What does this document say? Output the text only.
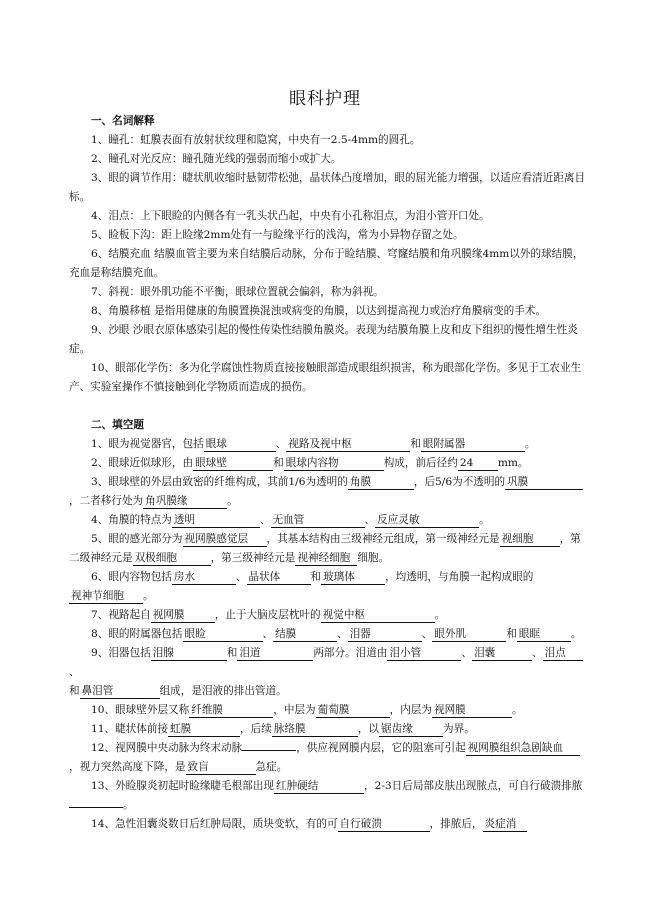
眼科护理
一、名词解释
1、瞳孔：虹膜表面有放射状纹理和隐窝，中央有一2.5-4mm的圆孔。
2、瞳孔对光反应：瞳孔随光线的强弱而缩小或扩大。
3、眼的调节作用：睫状肌收缩时悬韧带松弛，晶状体凸度增加，眼的屈光能力增强，以适应看清近距离目标。
4、泪点：上下眼睑的内侧各有一乳头状凸起，中央有小孔称泪点，为泪小管开口处。
5、睑板下沟：距上睑缘2mm处有一与睑缘平行的浅沟，常为小异物存留之处。
6、结膜充血 结膜血管主要为来自结膜后动脉，分布于睑结膜、穹窿结膜和角巩膜缘4mm以外的球结膜，充血是称结膜充血。
7、斜视：眼外肌功能不平衡，眼球位置就会偏斜，称为斜视。
8、角膜移植 是指用健康的角膜置换混浊或病变的角膜，以达到提高视力或治疗角膜病变的手术。
9、沙眼 沙眼衣原体感染引起的慢性传染性结膜角膜炎。表现为结膜角膜上皮和皮下组织的慢性增生性炎症。
10、眼部化学伤：多为化学腐蚀性物质直接接触眼部造成眼组织损害，称为眼部化学伤。多见于工农业生产、实验室操作不慎接触到化学物质而造成的损伤。
二、填空题
1、眼为视觉器官，包括 眼球	、 视路及视中枢	和 眼附属器	。
2、眼球近似球形，由 眼球壁	和 眼球内容物	构成，前后径约 24 mm。
3、眼球壁的外层由致密的纤维构成，其前1/6为透明的 角膜	，后5/6为不透明的 巩膜，二者移行处为 角巩膜缘	。
4、角膜的特点为 透明	、 无血管	、 反应灵敏	。
5、眼的感光部分为 视网膜感觉层 ，其基本结构由三级神经元组成，第一级神经元是 视细胞 ，第二级神经元是 双极细胞	，第三级神经元是 视神经细胞 细胞。
6、眼内容物包括 房水	、 晶状体	和 玻璃体	，均透明，与角膜一起构成眼的视神节细胞 。
7、视路起自 视网膜	，止于大脑皮层枕叶的 视觉中枢	。
8、眼的附属器包括 眼睑	、 结膜	、 泪器	、 眼外肌	和 眼眶	。
9、泪器包括 泪腺	和 泪道	两部分。泪道由 泪小管	、 泪囊	、 泪点、
和 鼻泪管	组成，是泪液的排出管道。
10、眼球壁外层又称 纤维膜	，中层为 葡萄膜	，内层为 视网膜	。
11、睫状体前接 虹膜	，后续 脉络膜	，以 锯齿缘	为界。
12、视网膜中央动脉为终末动脉	，供应视网膜内层，它的阻塞可引起 视网膜组织急剧缺血，视力突然高度下降，是 致盲	急症。
13、外睑腺炎初起时睑缘睫毛根部出现 红肿硬结	，2-3日后局部皮肤出现脓点，可自行破溃排脓。
14、急性泪囊炎数日后红肿局限，质块变软，有的可 自行破溃	，排脓后， 炎症消
